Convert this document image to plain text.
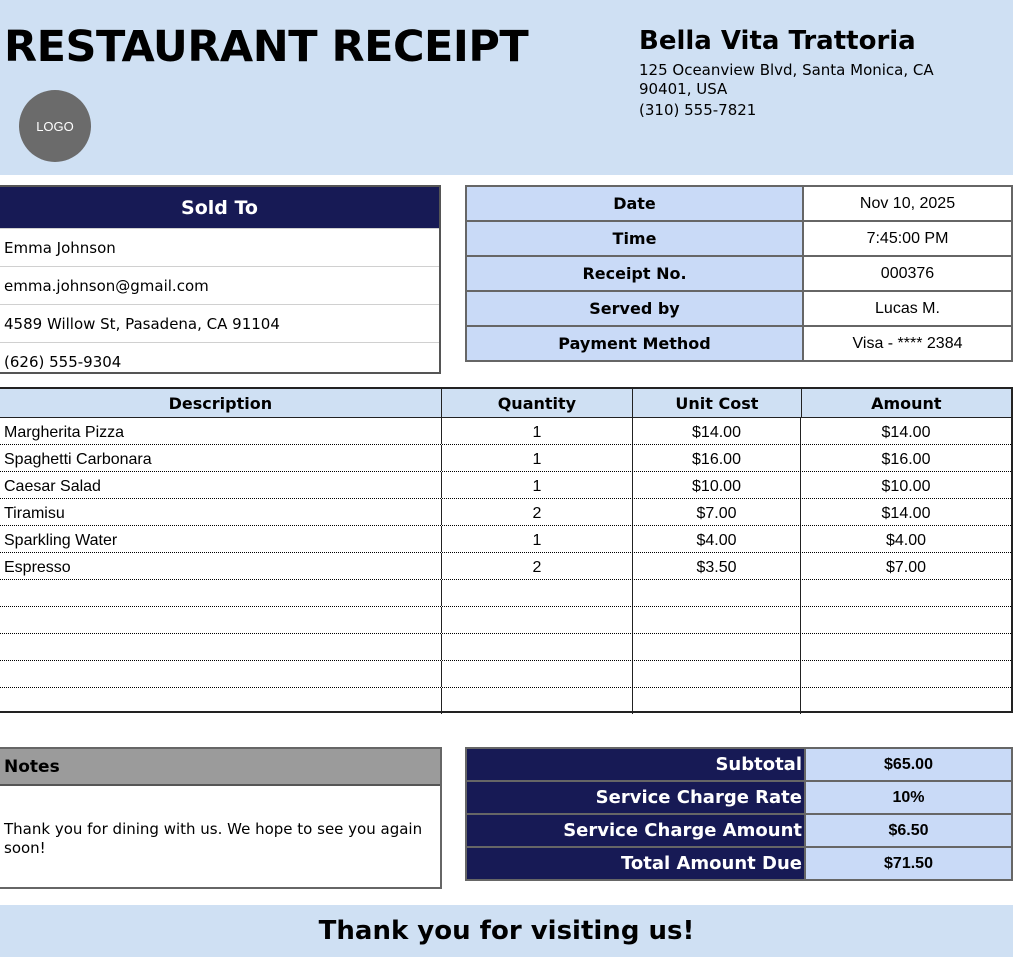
RESTAURANT RECEIPT
LOGO
Bella Vita Trattoria
125 Oceanview Blvd, Santa Monica, CA 90401, USA
(310) 555-7821
Sold To
Emma Johnson
emma.johnson@gmail.com
4589 Willow St, Pasadena, CA 91104
(626) 555-9304
Date	Nov 10, 2025
Time	7:45:00 PM
Receipt No.	000376
Served by	Lucas M.
Payment Method	Visa - **** 2384
Description	Quantity	Unit Cost	Amount
Margherita Pizza	1	$14.00	$14.00
Spaghetti Carbonara	1	$16.00	$16.00
Caesar Salad	1	$10.00	$10.00
Tiramisu	2	$7.00	$14.00
Sparkling Water	1	$4.00	$4.00
Espresso	2	$3.50	$7.00
Notes
Thank you for dining with us. We hope to see you again soon!
Subtotal	$65.00
Service Charge Rate	10%
Service Charge Amount	$6.50
Total Amount Due	$71.50
Thank you for visiting us!
